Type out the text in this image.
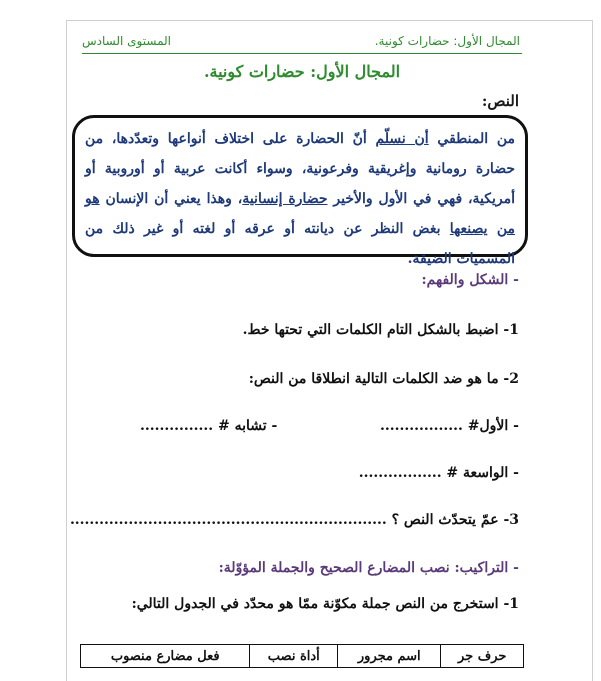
المجال الأول: حضارات كونية.
المستوى السادس
المجال الأول: حضارات كونية.
النص:

من المنطقي أن نسلّم أنّ الحضارة على اختلاف أنواعها وتعدّدها، من حضارة رومانية وإغريقية وفرعونية، وسواء أكانت عربية أو أوروبية أو أمريكية، فهي في الأول والأخير حضارة إنسانية، وهذا يعني أن الإنسان هو من يصنعها بغض النظر عن ديانته أو عرقه أو لغته أو غير ذلك من المسميات الضيقة.

- الشكل والفهم:
1- اضبط بالشكل التام الكلمات التي تحتها خط.
2- ما هو ضد الكلمات التالية انطلاقا من النص:
- الأول# .................
- تشابه # ...............
- الواسعة # .................
3- عمّ يتحدّث النص ؟ .................................................................
- التراكيب: نصب المضارع الصحيح والجملة المؤوّلة:
1- استخرج من النص جملة مكوّنة ممّا هو محدّد في الجدول التالي:
حرف جر	اسم مجرور	أداة نصب	فعل مضارع منصوب
